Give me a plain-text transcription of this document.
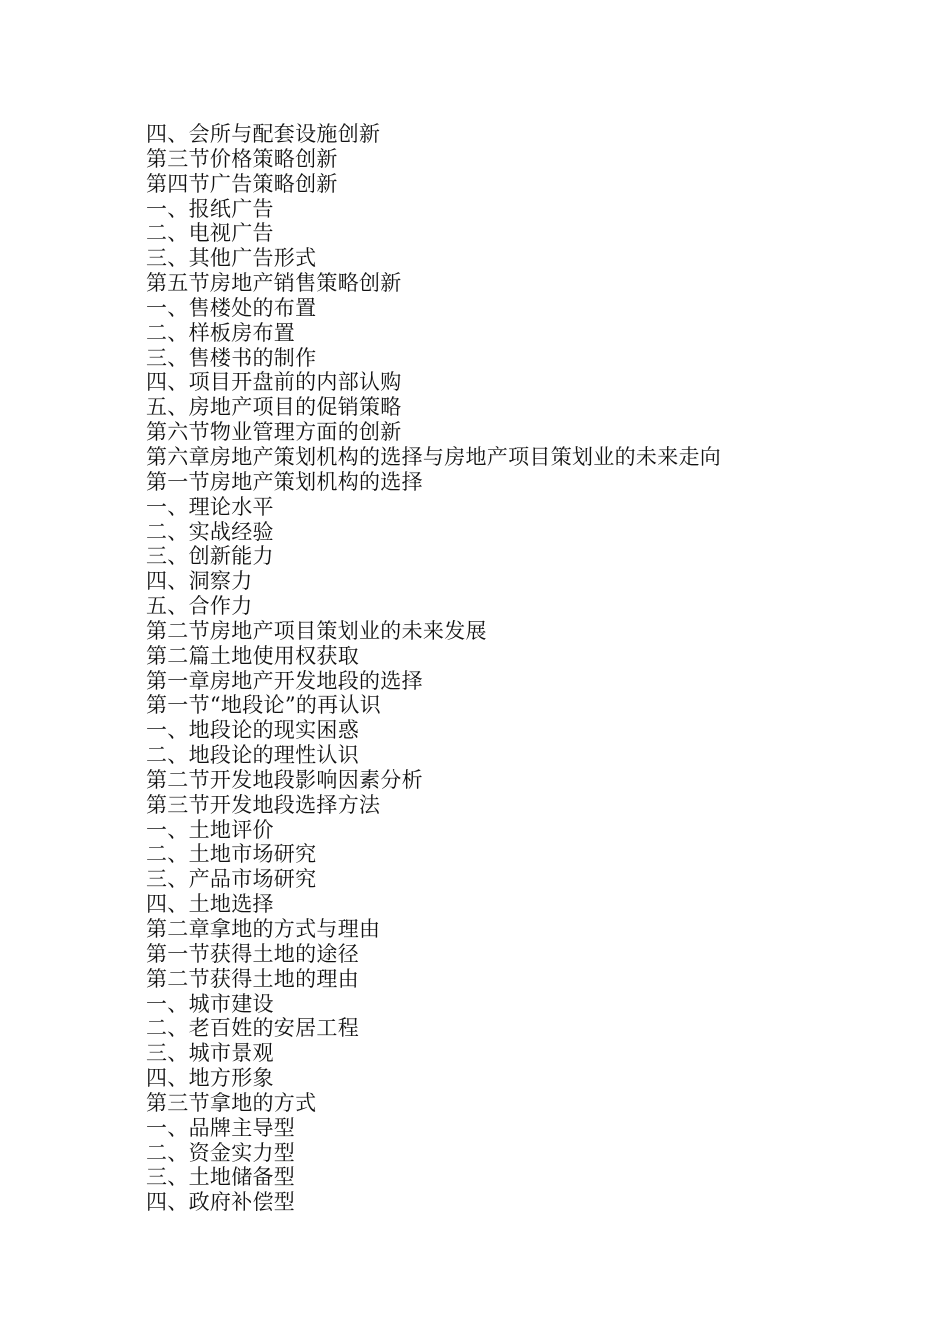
四、会所与配套设施创新
第三节价格策略创新
第四节广告策略创新
一、报纸广告
二、电视广告
三、其他广告形式
第五节房地产销售策略创新
一、售楼处的布置
二、样板房布置
三、售楼书的制作
四、项目开盘前的内部认购
五、房地产项目的促销策略
第六节物业管理方面的创新
第六章房地产策划机构的选择与房地产项目策划业的未来走向
第一节房地产策划机构的选择
一、理论水平
二、实战经验
三、创新能力
四、洞察力
五、合作力
第二节房地产项目策划业的未来发展
第二篇土地使用权获取
第一章房地产开发地段的选择
第一节“地段论”的再认识
一、地段论的现实困惑
二、地段论的理性认识
第二节开发地段影响因素分析
第三节开发地段选择方法
一、土地评价
二、土地市场研究
三、产品市场研究
四、土地选择
第二章拿地的方式与理由
第一节获得土地的途径
第二节获得土地的理由
一、城市建设
二、老百姓的安居工程
三、城市景观
四、地方形象
第三节拿地的方式
一、品牌主导型
二、资金实力型
三、土地储备型
四、政府补偿型
